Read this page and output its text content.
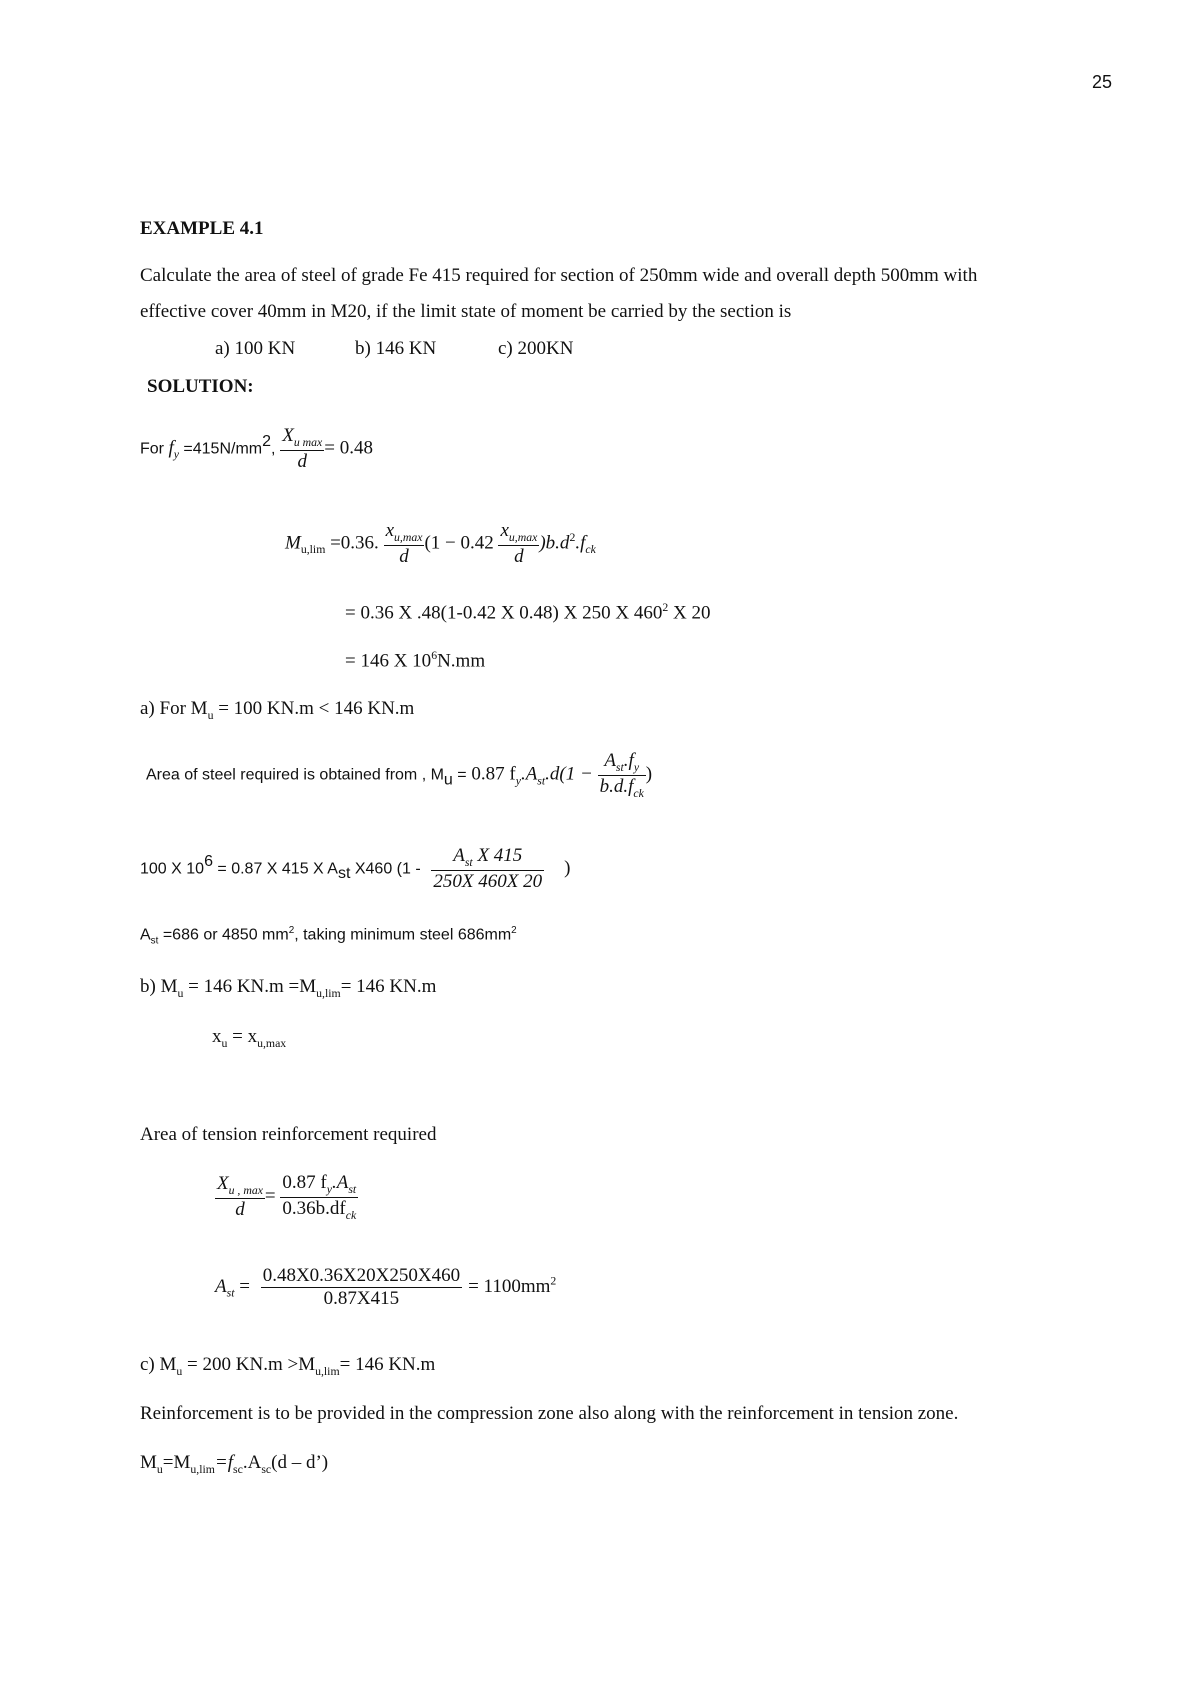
25
EXAMPLE 4.1
Calculate the area of steel of grade Fe 415 required for section of 250mm wide and overall depth 500mm with
effective cover 40mm in M20, if the limit state of moment be carried by the section is
a) 100 KN	b) 146 KN	c) 200KN
SOLUTION:
For $f_y =415N/mm^2$, $\frac{X_{u max}}{d} = 0.48$
$M_{u,lim} =0.36$. $\frac{x_{u,max}}{d} (1 - 0.42 \frac{x_{u,max}}{d} )b.d^2.f_{ck}$
= 0.36 X .48(1-0.42 X 0.48) X 250 X $460^2$ X 20
= 146 X $10^6N.mm$
a) For $M_u = 100$ KN.m < 146 KN.m
Area of steel required is obtained from , $M_u = 0.87$ $f_y.A_{st}.d(1 - \frac{A_{st}.f_y}{b.d.f_{ck}}$ )
100 X $10^6 = 0.87$ X 415 X $A_{st}$ X460 ($1 - \frac{A_{st} X 415}{250X 460X 20}$ )
$A_{st} =686$ or 4850 $mm^2$, taking minimum steel $686mm^2$
b) $M_u = 146$ $KN.m =M_{u,lim}= 146$ KN.m
$x_u = x_{u,max}$
Area of tension reinforcement required
$\frac{X_{u , max}}{d} = \frac{0.87 f_y.A_{st}}{0.36b.df_{ck}}$
$A_{st} = \frac{0.48X0.36X20X250X460}{0.87X415} = 1100mm^2$
c) $M_u = 200$ $KN.m >M_{u,lim}= 146$ KN.m
Reinforcement is to be provided in the compression zone also along with the reinforcement in tension zone.
$M_u=M_{u,lim}=f_{sc}.A_{sc}(d$ – d’)
